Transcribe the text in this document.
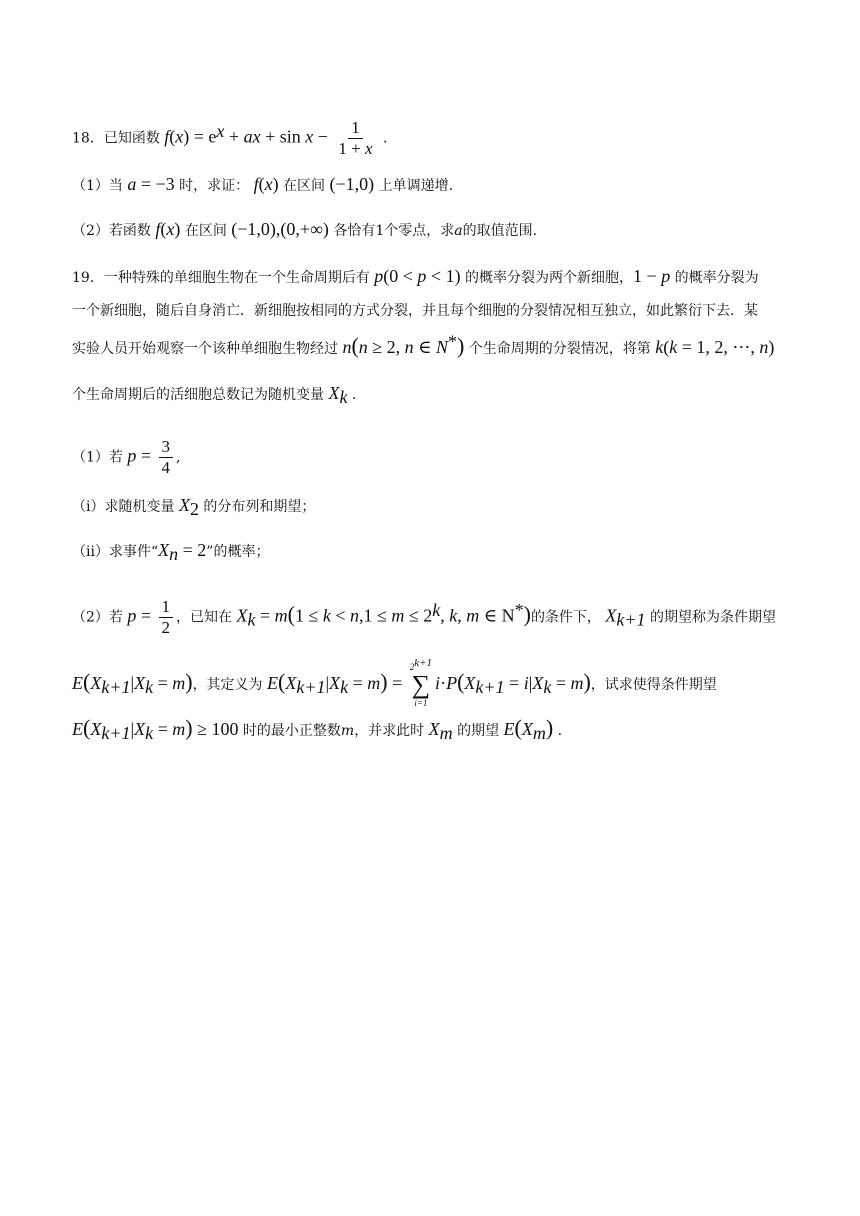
18．已知函数 $f(x) = e^x$ + ax + $\sin x - \frac{1}{1 + x}$ .
（1）当 a = −3 时，求证： f(x) 在区间 (−1,0) 上单调递增.
（2）若函数 f(x) 在区间 (−1,0),(0,+∞) 各恰有1个零点，求a的取值范围.
19．一种特殊的单细胞生物在一个生命周期后有 p(0 < p < 1) 的概率分裂为两个新细胞，1 − p 的概率分裂为
一个新细胞，随后自身消亡．新细胞按相同的方式分裂，并且每个细胞的分裂情况相互独立，如此繁衍下去．某
实验人员开始观察一个该种单细胞生物经过 n(n ≥ 2, n ∈ N*) 个生命周期的分裂情况，将第 k(k = 1, 2, ⋯, n)
个生命周期后的活细胞总数记为随机变量 $X_k$ .
（1）若 $p = \frac{3}{4}$ ,
（i）求随机变量 $X_2$ 的分布列和期望；
（ii）求事件“$X_n = 2$”的概率；
（2）若 $p = \frac{1}{2}$ ，已知在 $X_k = m(1 \le k < n,1 \le m \le 2^k$, k, m ∈ N*)的条件下， $X_{k+1}$ 的期望称为条件期望
$E(X_{k+1}|X_k = m)$，其定义为 $E(X_{k+1}|X_k = m)$ =
$2^{k+1}$
∑
i=1
$i\cdot P(X_{k+1} = i|X_k = m)$，试求使得条件期望
$E(X_{k+1}|X_k = m) \ge 100$ 时的最小正整数m，并求此时 $X_m$ 的期望 $E(X_m)$ .
